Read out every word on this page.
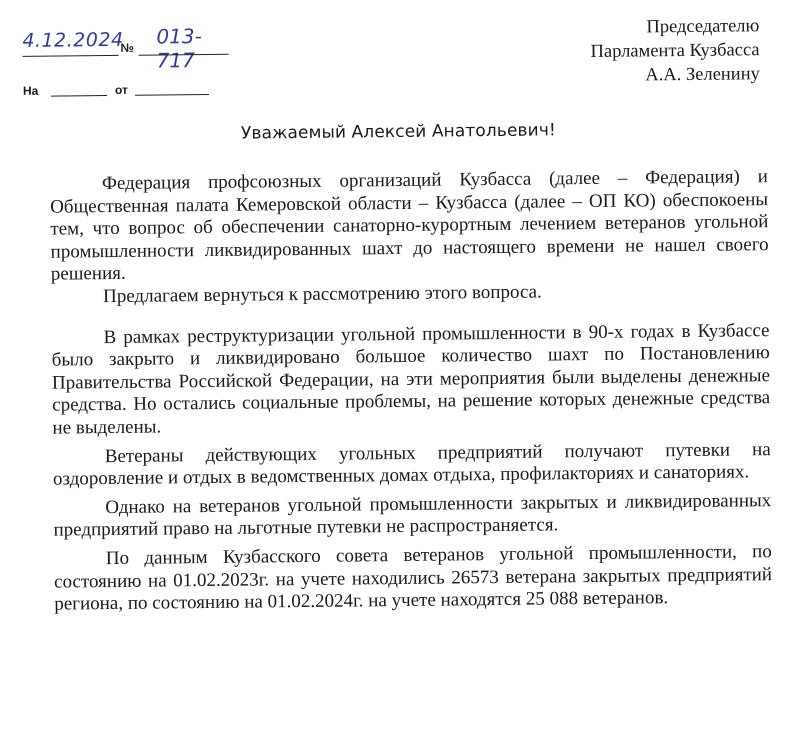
4.12.2024
№ 013-717
На	от
Председателю
Парламента Кузбасса
А.А. Зеленину
Уважаемый Алексей Анатольевич!

Федерация профсоюзных организаций Кузбасса (далее – Федерация) и Общественная палата Кемеровской области – Кузбасса (далее – ОП КО) обеспокоены тем, что вопрос об обеспечении санаторно-курортным лечением ветеранов угольной промышленности ликвидированных шахт до настоящего времени не нашел своего решения.

Предлагаем вернуться к рассмотрению этого вопроса.

В рамках реструктуризации угольной промышленности в 90-х годах в Кузбассе было закрыто и ликвидировано большое количество шахт по Постановлению Правительства Российской Федерации, на эти мероприятия были выделены денежные средства. Но остались социальные проблемы, на решение которых денежные средства не выделены.

Ветераны действующих угольных предприятий получают путевки на оздоровление и отдых в ведомственных домах отдыха, профилакториях и санаториях.

Однако на ветеранов угольной промышленности закрытых и ликвидированных предприятий право на льготные путевки не распространяется.

По данным Кузбасского совета ветеранов угольной промышленности, по состоянию на 01.02.2023г. на учете находились 26573 ветерана закрытых предприятий региона, по состоянию на 01.02.2024г. на учете находятся 25 088 ветеранов.
